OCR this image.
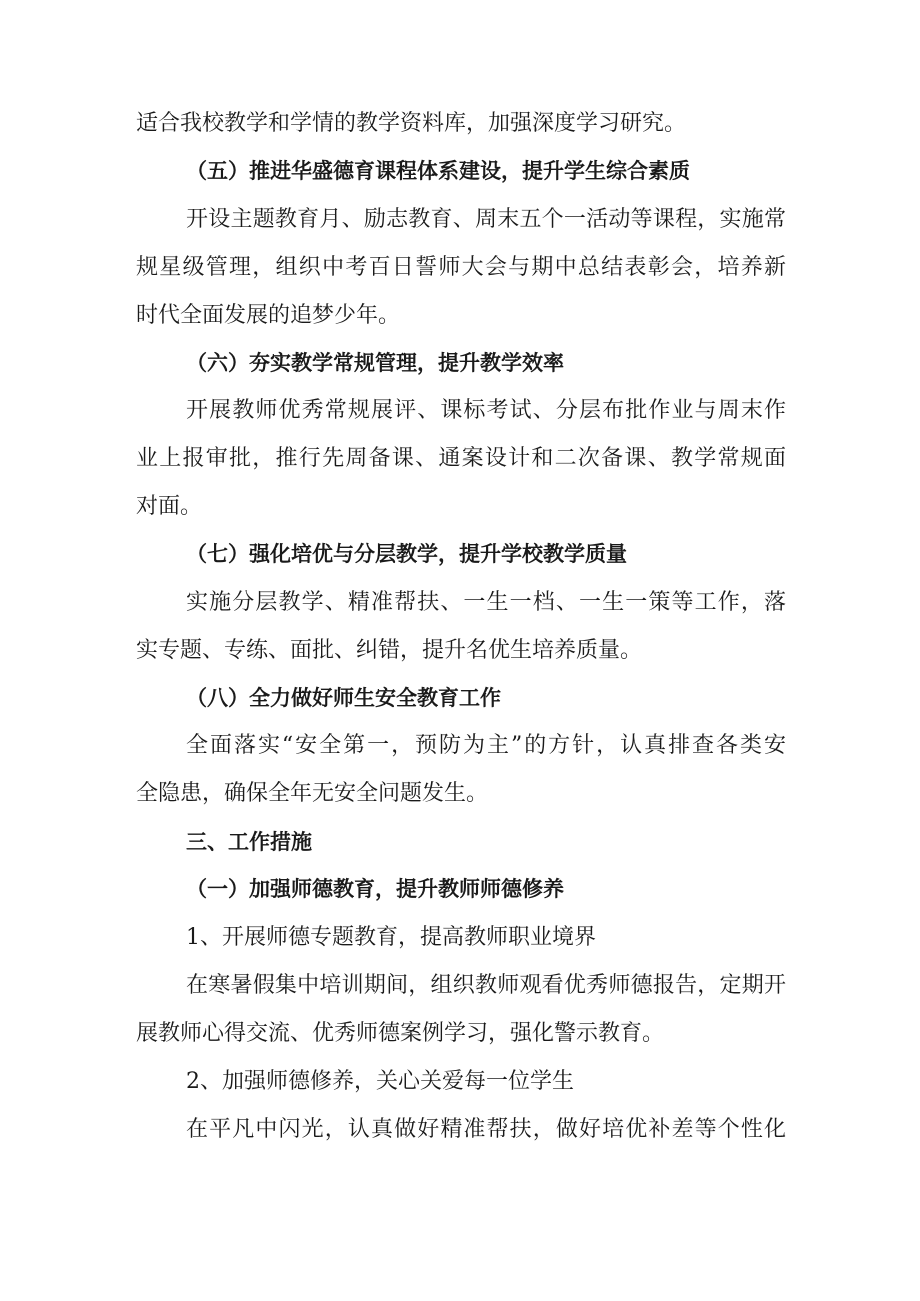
适合我校教学和学情的教学资料库，加强深度学习研究。
（五）推进华盛德育课程体系建设，提升学生综合素质
开设主题教育月、励志教育、周末五个一活动等课程，实施常
规星级管理，组织中考百日誓师大会与期中总结表彰会，培养新
时代全面发展的追梦少年。
（六）夯实教学常规管理，提升教学效率
开展教师优秀常规展评、课标考试、分层布批作业与周末作
业上报审批，推行先周备课、通案设计和二次备课、教学常规面
对面。
（七）强化培优与分层教学，提升学校教学质量
实施分层教学、精准帮扶、一生一档、一生一策等工作，落
实专题、专练、面批、纠错，提升名优生培养质量。
（八）全力做好师生安全教育工作
全面落实“安全第一，预防为主”的方针，认真排查各类安
全隐患，确保全年无安全问题发生。
三、工作措施
（一）加强师德教育，提升教师师德修养
1、开展师德专题教育，提高教师职业境界
在寒暑假集中培训期间，组织教师观看优秀师德报告，定期开
展教师心得交流、优秀师德案例学习，强化警示教育。
2、加强师德修养，关心关爱每一位学生
在平凡中闪光，认真做好精准帮扶，做好培优补差等个性化
